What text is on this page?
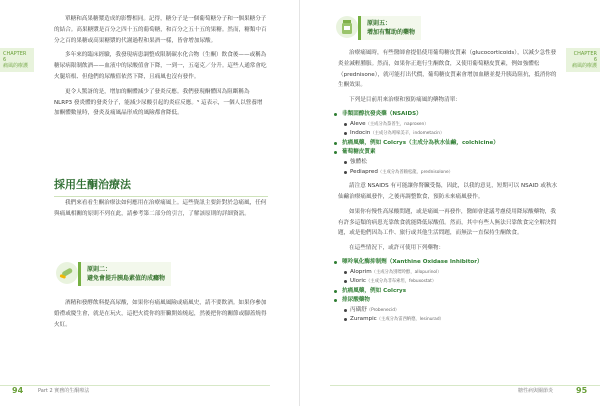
CHAPTER 6
痛風的療護

單糖和高果糖漿造成的影響相同。記得，糖分子是一個葡萄糖分子和一個果糖分子的結合。高果糖漿是百分之四十五的葡萄糖，和百分之五十五的果糖。然而，糖類中百分之百的果糖或高果糖漿的代謝過程和果酒一樣，皆會增加尿酸。

多年來的臨床經驗，我發現病患調整成限制碳水化合物（生酮）飲食後——或稱為糖尿病限制飲酒——血液中的尿酸值會下降，一到一，五毫克／分升。這些人通常會吃火腿培根、但他們的尿酸值依然下降，且痛風也沒有發作。

更令人驚訝的是，增加的酮體減少了發炎反應。我們發現酮體因為阻斷稱為 NLRP3 發炎體的發炎分子，能減少尿酸引起的炎症反應。⁵ 這表示，一個人以營養增加酮體數量時，發炎及痛風晶形成的風險都會降低。

採用生酮治療法

我們來看看生酮治療法如何應用在治療痛風上。這些資訊主要針對於急痛風，任何與痛風相關的原則不列在此，請參考第二部分的引言，了解該原則的詳細資訊。

原則二：
避免會提升胰島素值的成癮物

酒精和發酵飲料提高尿酸，如果你有痛風風險或痛風史，請不要飲酒。如果你參加婚禮或慶生會，就是在玩火，這把火從你的肝臟開始燒起，然後把你的關節或腳蓋燒得火紅。

94	Part 2 實務的生酮療法
CHAPTER 6
痛風的療護
原則五：
增加有幫助的藥物

治療痛風時，有些醫師會提倡使用葡萄糖皮質素（glucocorticoids），以減少急性發炎並減輕腫脹。然而，如果你正進行生酮飲食，又使用葡萄糖皮質素，例如強體松（prednisone），就可能打出代價，葡萄糖皮質素會增加血糖並提升胰島阻抗，抵消你的生酮效果。

下列是目前用來治療和預防痛風的藥物清單：

非類固醇抗發炎藥（NSAIDS）
Aleve（主成分為萘普生，naproxen）
Indocin（主成分為吲哚美辛，indometacin）
抗痛風藥，例如 Colcrys（主成分為秋水仙鹼，colchicine）
葡萄糖皮質素
強體松
Pediapred（主成分為普賴松龍，prednisolone）

請注意 NSAIDS 有可能讓你腎臟受傷，因此，以我的意見，短期可以 NSAID 或秋水仙鹼治療痛風發作，之後再調整飲食，預防未來痛風發作。

如果你有慢性高尿酸問題，或是痛風一再發作，醫師會建議考慮使用降尿酸藥物，我有許多這類的病患光靠飲食就能降低尿酸值。然而，其中有些人無法只靠飲食完全解決問題，或是他們因為工作、旅行或其他生活問題，而無法一直保持生酮飲食。

在這些情況下，或許可使用下列藥物：

嘌呤氧化酶抑制劑（Xanthine Oxidase Inhibitor）
Aloprim（主成分為別嘌呤醇，allopurinol）
Uloric（主成分為非布索坦，febuxostat）
抗痛風藥，例如 Colcrys
排尿酸藥物
丙磺舒（Probenecid）
Zurampic（主成分為雷西納德，lesinurad）
糖性病與關節炎	95
